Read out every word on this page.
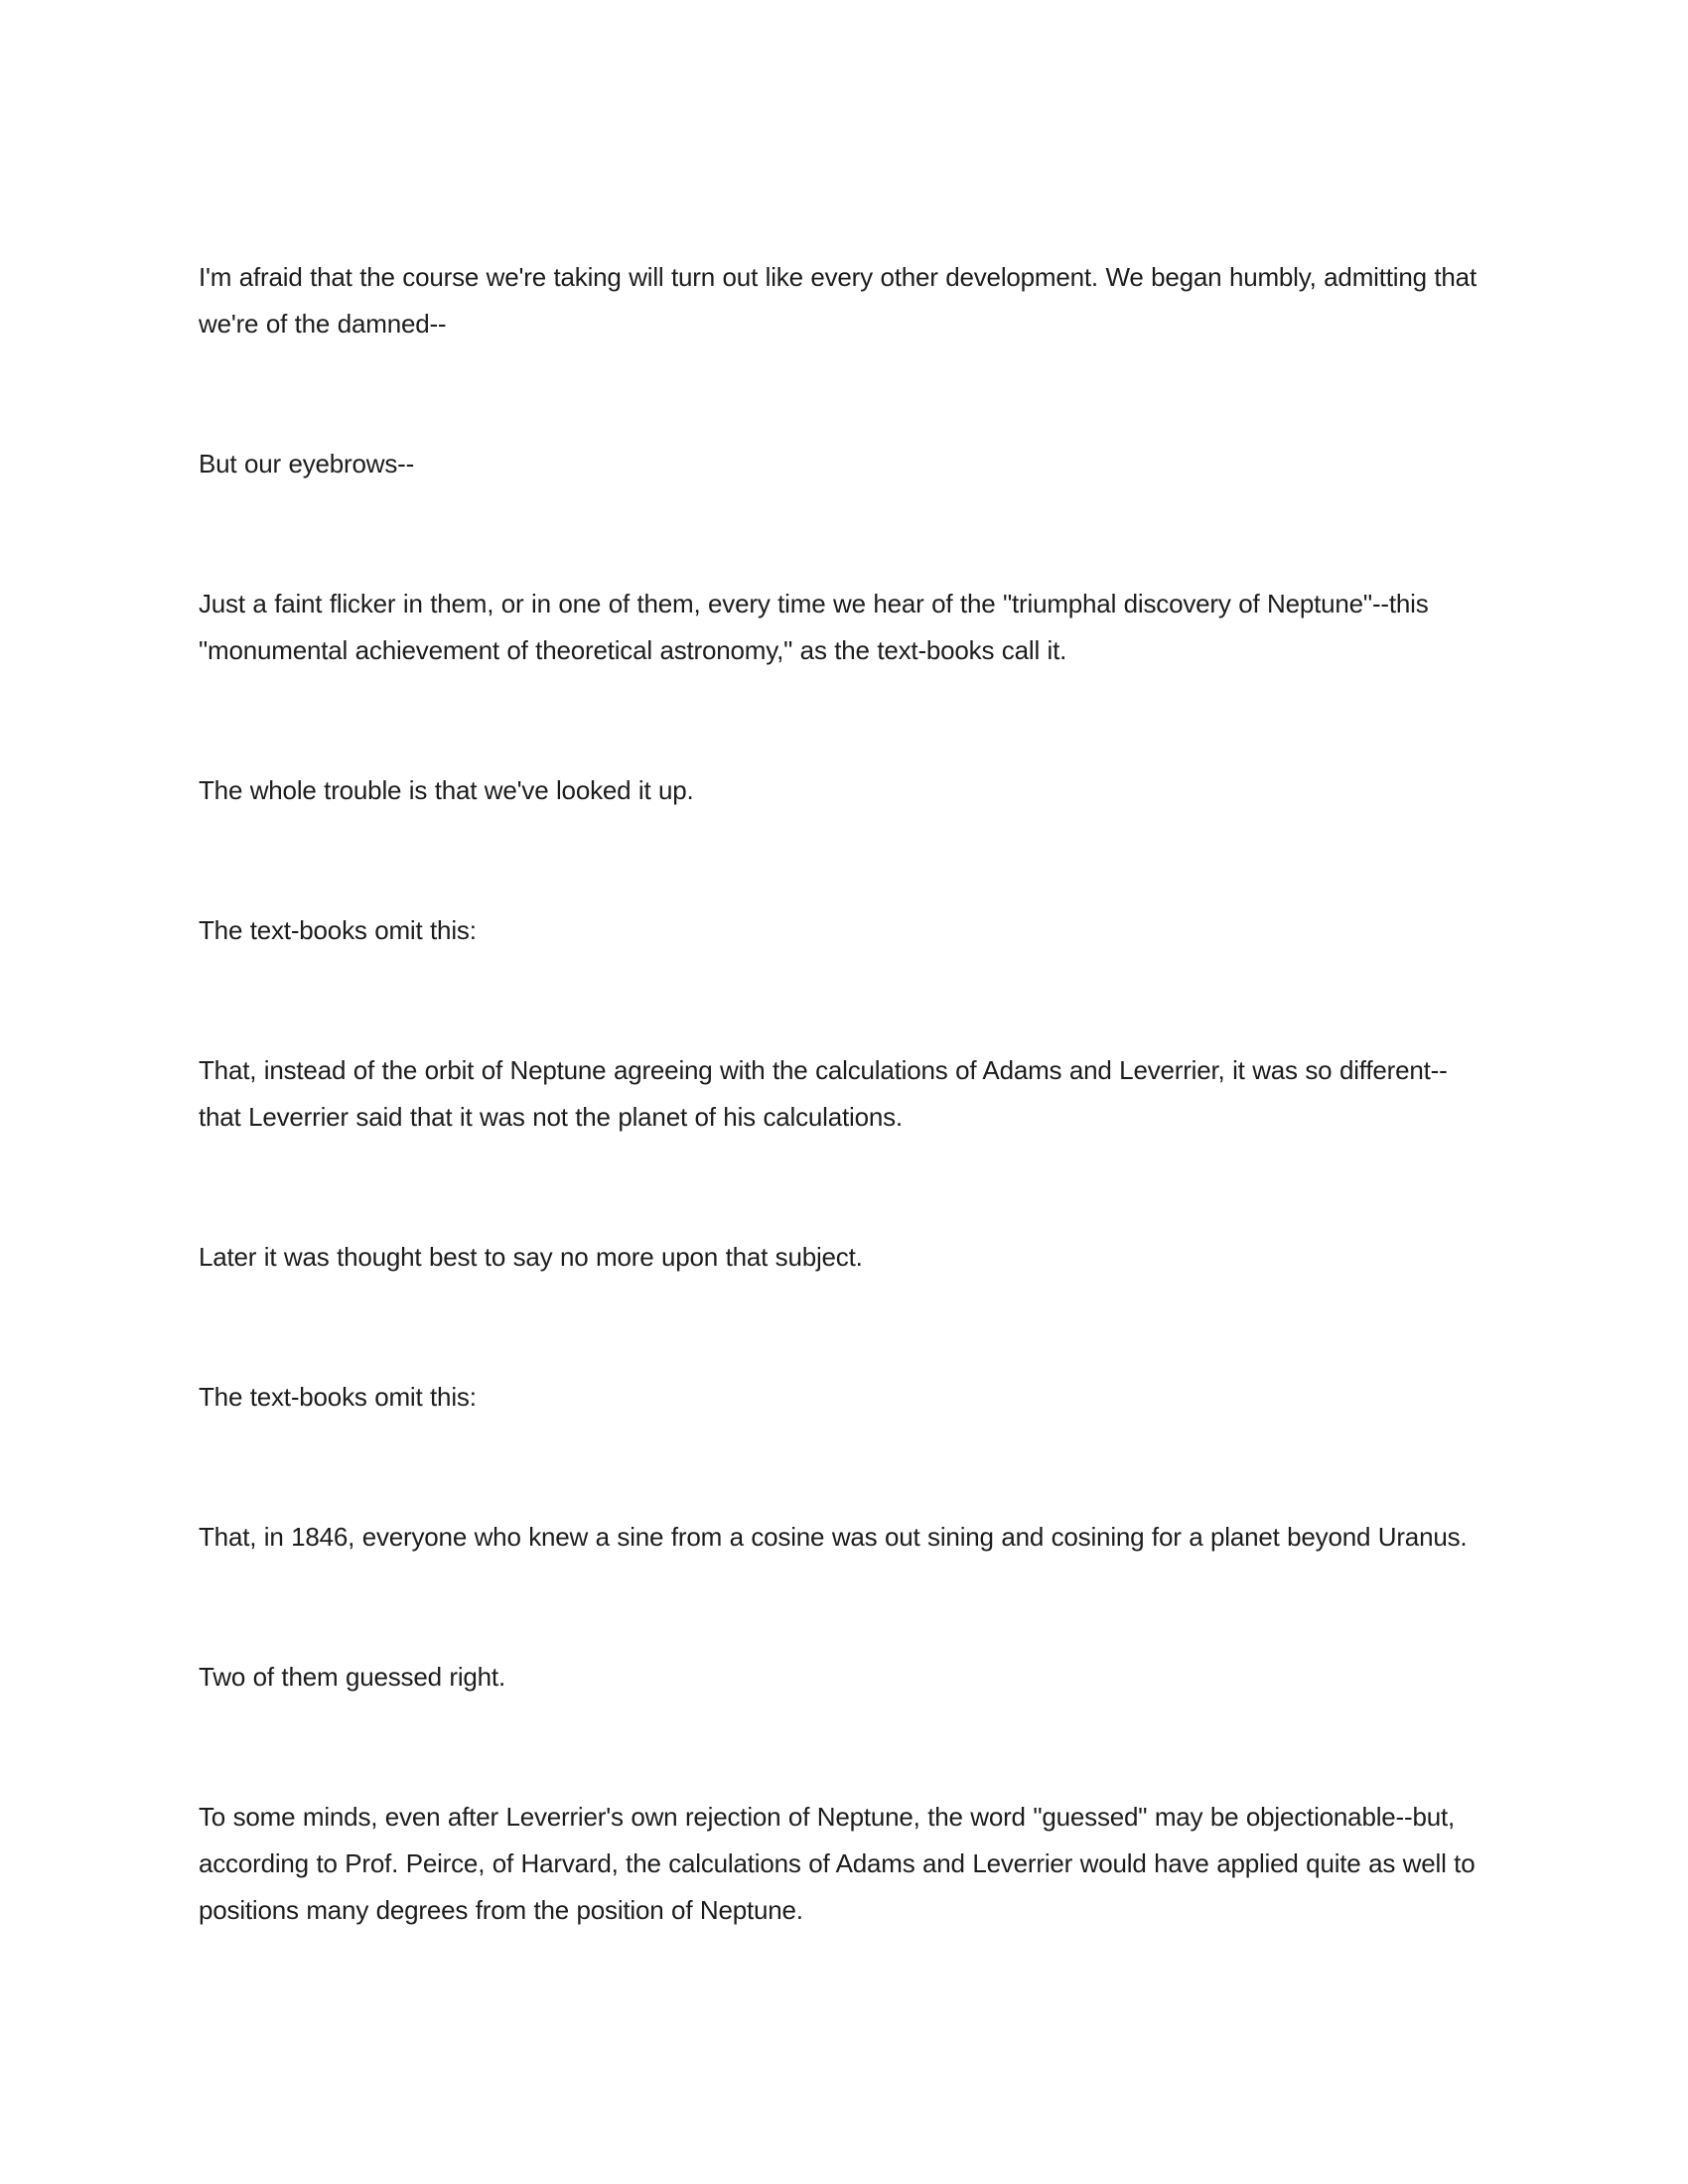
I'm afraid that the course we're taking will turn out like every other development. We began humbly, admitting that we're of the damned--

But our eyebrows--

Just a faint flicker in them, or in one of them, every time we hear of the "triumphal discovery of Neptune"--this "monumental achievement of theoretical astronomy," as the text-books call it.

The whole trouble is that we've looked it up.

The text-books omit this:

That, instead of the orbit of Neptune agreeing with the calculations of Adams and Leverrier, it was so different--that Leverrier said that it was not the planet of his calculations.

Later it was thought best to say no more upon that subject.

The text-books omit this:

That, in 1846, everyone who knew a sine from a cosine was out sining and cosining for a planet beyond Uranus.

Two of them guessed right.

To some minds, even after Leverrier's own rejection of Neptune, the word "guessed" may be objectionable--but, according to Prof. Peirce, of Harvard, the calculations of Adams and Leverrier would have applied quite as well to positions many degrees from the position of Neptune.
